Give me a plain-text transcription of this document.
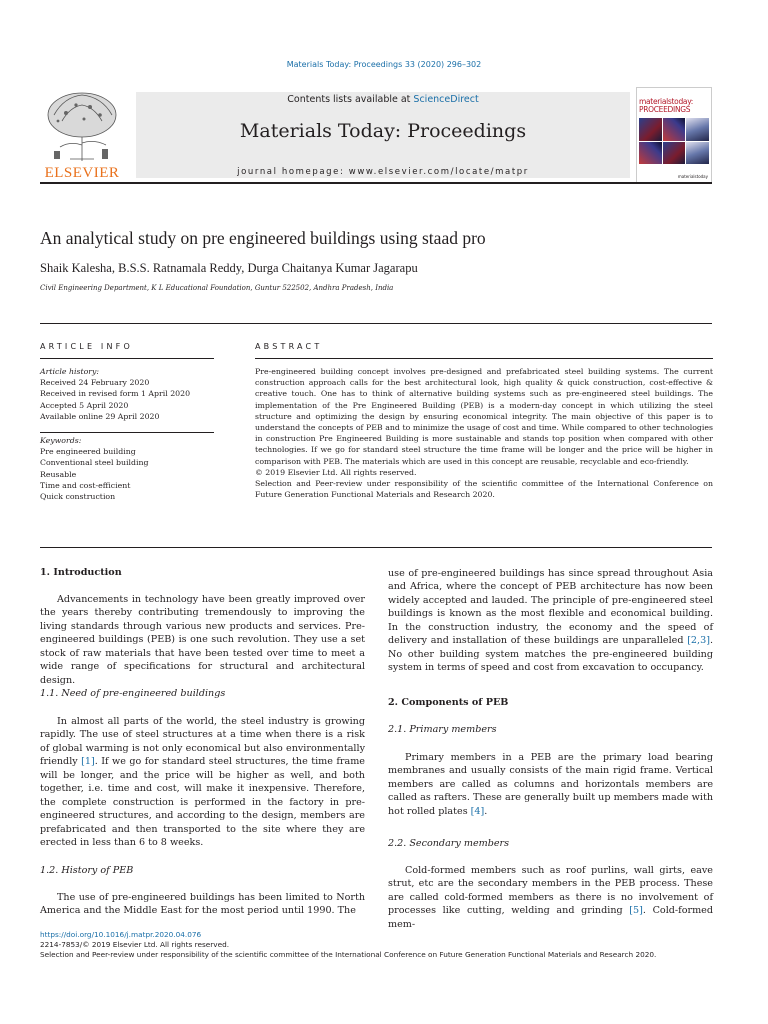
Materials Today: Proceedings 33 (2020) 296–302
ELSEVIER
Contents lists available at ScienceDirect
Materials Today: Proceedings
journal homepage: www.elsevier.com/locate/matpr
materialstoday: PROCEEDINGS
materialstoday
An analytical study on pre engineered buildings using staad pro
Shaik Kalesha, B.S.S. Ratnamala Reddy, Durga Chaitanya Kumar Jagarapu
Civil Engineering Department, K L Educational Foundation, Guntur 522502, Andhra Pradesh, India
ARTICLE INFO
Article history:
Received 24 February 2020
Received in revised form 1 April 2020
Accepted 5 April 2020
Available online 29 April 2020
Keywords:
Pre engineered building
Conventional steel building
Reusable
Time and cost-efficient
Quick construction
ABSTRACT
Pre-engineered building concept involves pre-designed and prefabricated steel building systems. The current construction approach calls for the best architectural look, high quality & quick construction, cost-effective & creative touch. One has to think of alternative building systems such as pre-engineered steel buildings. The implementation of the Pre Engineered Building (PEB) is a modern-day concept in which utilizing the steel structure and optimizing the design by ensuring economical integrity. The main objective of this paper is to understand the concepts of PEB and to minimize the usage of cost and time. While compared to other technologies in construction Pre Engineered Building is more sustainable and stands top position when compared with other technologies. If we go for standard steel structure the time frame will be longer and the price will be higher in comparison with PEB. The materials which are used in this concept are reusable, recyclable and eco-friendly.
© 2019 Elsevier Ltd. All rights reserved.
Selection and Peer-review under responsibility of the scientific committee of the International Conference on Future Generation Functional Materials and Research 2020.
1. Introduction

Advancements in technology have been greatly improved over the years thereby contributing tremendously to improving the living standards through various new products and services. Pre-engineered buildings (PEB) is one such revolution. They use a set stock of raw materials that have been tested over time to meet a wide range of specifications for structural and architectural design.

1.1. Need of pre-engineered buildings

In almost all parts of the world, the steel industry is growing rapidly. The use of steel structures at a time when there is a risk of global warming is not only economical but also environmentally friendly [1]. If we go for standard steel structures, the time frame will be longer, and the price will be higher as well, and both together, i.e. time and cost, will make it inexpensive. Therefore, the complete construction is performed in the factory in pre-engineered structures, and according to the design, members are prefabricated and then transported to the site where they are erected in less than 6 to 8 weeks.

1.2. History of PEB

The use of pre-engineered buildings has been limited to North America and the Middle East for the most period until 1990. The

use of pre-engineered buildings has since spread throughout Asia and Africa, where the concept of PEB architecture has now been widely accepted and lauded. The principle of pre-engineered steel buildings is known as the most flexible and economical building. In the construction industry, the economy and the speed of delivery and installation of these buildings are unparalleled [2,3]. No other building system matches the pre-engineered building system in terms of speed and cost from excavation to occupancy.

2. Components of PEB
2.1. Primary members

Primary members in a PEB are the primary load bearing membranes and usually consists of the main rigid frame. Vertical members are called as columns and horizontals members are called as rafters. These are generally built up members made with hot rolled plates [4].

2.2. Secondary members

Cold-formed members such as roof purlins, wall girts, eave strut, etc are the secondary members in the PEB process. These are called cold-formed members as there is no involvement of processes like cutting, welding and grinding [5]. Cold-formed mem-

https://doi.org/10.1016/j.matpr.2020.04.076
2214-7853/© 2019 Elsevier Ltd. All rights reserved.
Selection and Peer-review under responsibility of the scientific committee of the International Conference on Future Generation Functional Materials and Research 2020.
